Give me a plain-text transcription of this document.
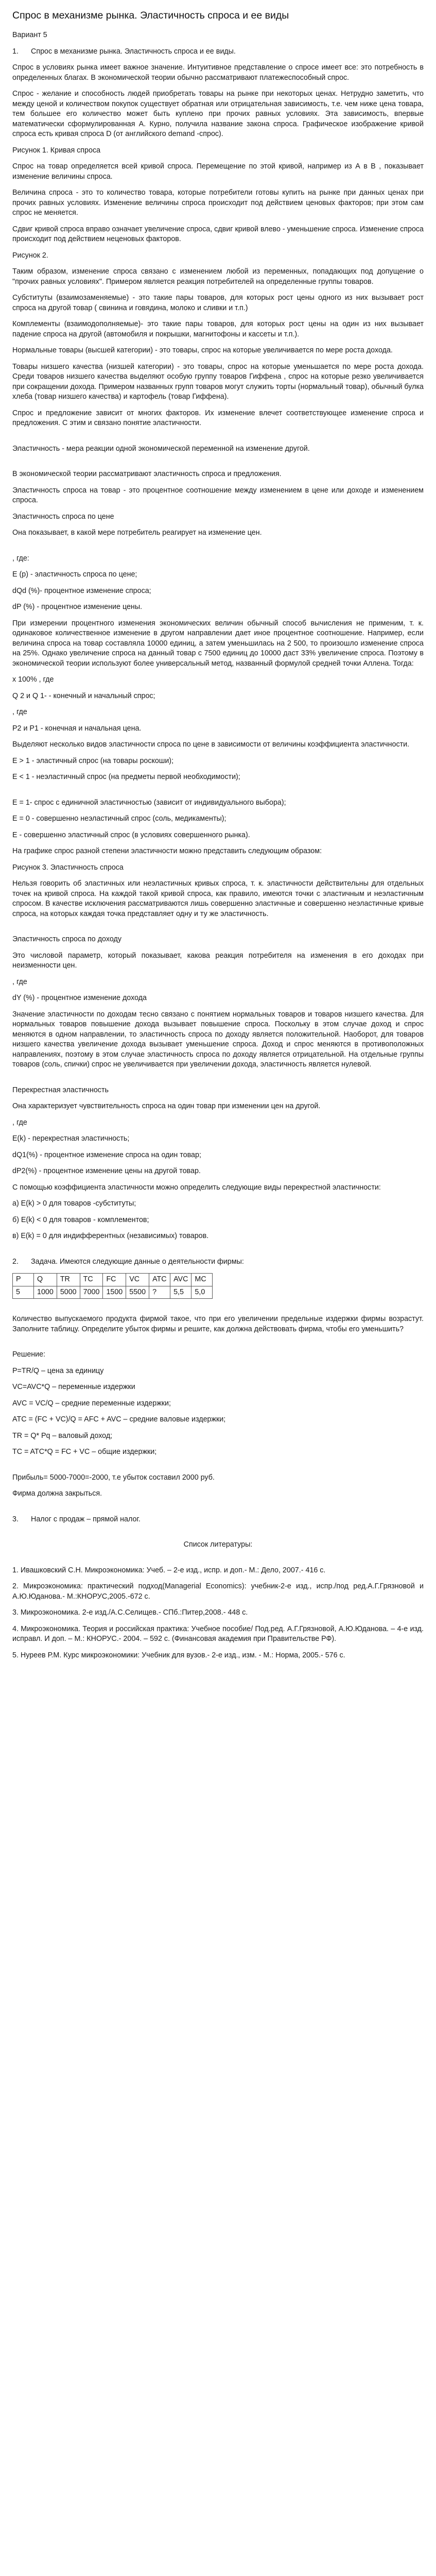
Спрос в механизме рынка. Эластичность спроса и ее виды

Вариант 5

1. Спрос в механизме рынка. Эластичность спроса и ее виды.

Спрос в условиях рынка имеет важное значение. Интуитивное представление о спросе имеет все: это потребность в определенных благах. В экономической теории обычно рассматривают платежеспособный спрос.

Спрос - желание и способность людей приобретать товары на рынке при некоторых ценах. Нетрудно заметить, что между ценой и количеством покупок существует обратная или отрицательная зависимость, т.е. чем ниже цена товара, тем большее его количество может быть куплено при прочих равных условиях. Эта зависимость, впервые математически сформулированная А. Курно, получила название закона спроса. Графическое изображение кривой спроса есть кривая спроса D (от английского demand -спрос).

Рисунок 1. Кривая спроса

Спрос на товар определяется всей кривой спроса. Перемещение по этой кривой, например из А в В , показывает изменение величины спроса.

Величина спроса - это то количество товара, которые потребители готовы купить на рынке при данных ценах при прочих равных условиях. Изменение величины спроса происходит под действием ценовых факторов; при этом сам спрос не меняется.

Сдвиг кривой спроса вправо означает увеличение спроса, сдвиг кривой влево - уменьшение спроса. Изменение спроса происходит под действием неценовых факторов.

Рисунок 2.

Таким образом, изменение спроса связано с изменением любой из переменных, попадающих под допущение о "прочих равных условиях". Примером является реакция потребителей на определенные группы товаров.

Субституты (взаимозаменяемые) - это такие пары товаров, для которых рост цены одного из них вызывает рост спроса на другой товар ( свинина и говядина, молоко и сливки и т.п.)

Комплементы (взаимодополняемые)- это такие пары товаров, для которых рост цены на один из них вызывает падение спроса на другой (автомобиля и покрышки, магнитофоны и кассеты и т.п.).

Нормальные товары (высшей категории) - это товары, спрос на которые увеличивается по мере роста дохода.

Товары низшего качества (низшей категории) - это товары, спрос на которые уменьшается по мере роста дохода. Среди товаров низшего качества выделяют особую группу товаров Гиффена , спрос на которые резко увеличивается при сокращении дохода. Примером названных групп товаров могут служить торты (нормальный товар), обычный булка хлеба (товар низшего качества) и картофель (товар Гиффена).

Спрос и предложение зависит от многих факторов. Их изменение влечет соответствующее изменение спроса и предложения. С этим и связано понятие эластичности.

Эластичность - мера реакции одной экономической переменной на изменение другой.

В экономической теории рассматривают эластичность спроса и предложения.

Эластичность спроса на товар - это процентное соотношение между изменением в цене или доходе и изменением спроса.

Эластичность спроса по цене

Она показывает, в какой мере потребитель реагирует на изменение цен.

, где:

E (p) - эластичность спроса по цене;

dQd (%)- процентное изменение спроса;

dP (%) - процентное изменение цены.

При измерении процентного изменения экономических величин обычный способ вычисления не применим, т. к. одинаковое количественное изменение в другом направлении дает иное процентное соотношение. Например, если величина спроса на товар составляла 10000 единиц, а затем уменьшилась на 2 500, то произошло изменение спроса на 25%. Однако увеличение спроса на данный товар с 7500 единиц до 10000 даст 33% увеличение спроса. Поэтому в экономической теории используют более универсальный метод, названный формулой средней точки Аллена. Тогда:

х 100% , где

Q 2 и Q 1- - конечный и начальный спрос;

, где

P2 и P1 - конечная и начальная цена.

Выделяют несколько видов эластичности спроса по цене в зависимости от величины коэффициента эластичности.

Е > 1 - эластичный спрос (на товары роскоши);

Е < 1 - неэластичный спрос (на предметы первой необходимости);

Е = 1- спрос с единичной эластичностью (зависит от индивидуального выбора);

Е = 0 - совершенно неэластичный спрос (соль, медикаменты);

Е - совершенно эластичный спрос (в условиях совершенного рынка).

На графике спрос разной степени эластичности можно представить следующим образом:

Рисунок 3. Эластичность спроса

Нельзя говорить об эластичных или неэластичных кривых спроса, т. к. эластичности действительны для отдельных точек на кривой спроса. На каждой такой кривой спроса, как правило, имеются точки с эластичным и неэластичным спросом. В качестве исключения рассматриваются лишь совершенно эластичные и совершенно неэластичные кривые спроса, на которых каждая точка представляет одну и ту же эластичность.

Эластичность спроса по доходу

Это числовой параметр, который показывает, какова реакция потребителя на изменения в его доходах при неизменности цен.

, где

dY (%) - процентное изменение дохода

Значение эластичности по доходам тесно связано с понятием нормальных товаров и товаров низшего качества. Для нормальных товаров повышение дохода вызывает повышение спроса. Поскольку в этом случае доход и спрос меняются в одном направлении, то эластичность спроса по доходу является положительной. Наоборот, для товаров низшего качества увеличение дохода вызывает уменьшение спроса. Доход и спрос меняются в противоположных направлениях, поэтому в этом случае эластичность спроса по доходу является отрицательной. На отдельные группы товаров (соль, спички) спрос не увеличивается при увеличении дохода, эластичность является нулевой.

Перекрестная эластичность

Она характеризует чувствительность спроса на один товар при изменении цен на другой.

, где

E(k) - перекрестная эластичность;

dQ1(%) - процентное изменение спроса на один товар;

dP2(%) - процентное изменение цены на другой товар.

С помощью коэффициента эластичности можно определить следующие виды перекрестной эластичности:

а) E(k) > 0 для товаров -субституты;

б) E(k) < 0 для товаров - комплементов;

в) E(k) = 0 для индифферентных (независимых) товаров.

2. Задача. Имеются следующие данные о деятельности фирмы:

P	Q	TR	TC	FC	VC	ATC	AVC	MC
5	1000	5000	7000	1500	5500	?	5,5	5,0

Количество выпускаемого продукта фирмой такое, что при его увеличении предельные издержки фирмы возрастут. Заполните таблицу. Определите убыток фирмы и решите, как должна действовать фирма, чтобы его уменьшить?

Решение:

P=TR/Q – цена за единицу

VC=AVC*Q – переменные издержки

AVC = VC/Q – средние переменные издержки;

ATC = (FC + VC)/Q = AFC + AVC – средние валовые издержки;

TR = Q* Pq – валовый доход;

TC = ATC*Q = FC + VC – общие издержки;

Прибыль= 5000-7000=-2000, т.е убыток составил 2000 руб.

Фирма должна закрыться.

3. Налог с продаж – прямой налог.

Список литературы:

1. Ивашковский С.Н. Микроэкономика: Учеб. – 2-е изд., испр. и доп.- М.: Дело, 2007.- 416 с.

2. Микроэкономика: практический подход(Managerial Economics): учебник-2-е изд., испр./под ред.А.Г.Грязновой и А.Ю.Юданова.- М.:КНОРУС,2005.-672 с.

3. Микроэкономика. 2-е изд./А.С.Селищев.- СПб.:Питер,2008.- 448 с.

4. Микроэкономика. Теория и российская практика: Учебное пособие/ Под.ред. А.Г.Грязновой, А.Ю.Юданова. – 4-е изд. исправл. И доп. – М.: КНОРУС.- 2004. – 592 с. (Финансовая академия при Правительстве РФ).

5. Нуреев Р.М. Курс микроэкономики: Учебник для вузов.- 2-е изд., изм. - М.: Норма, 2005.- 576 с.
